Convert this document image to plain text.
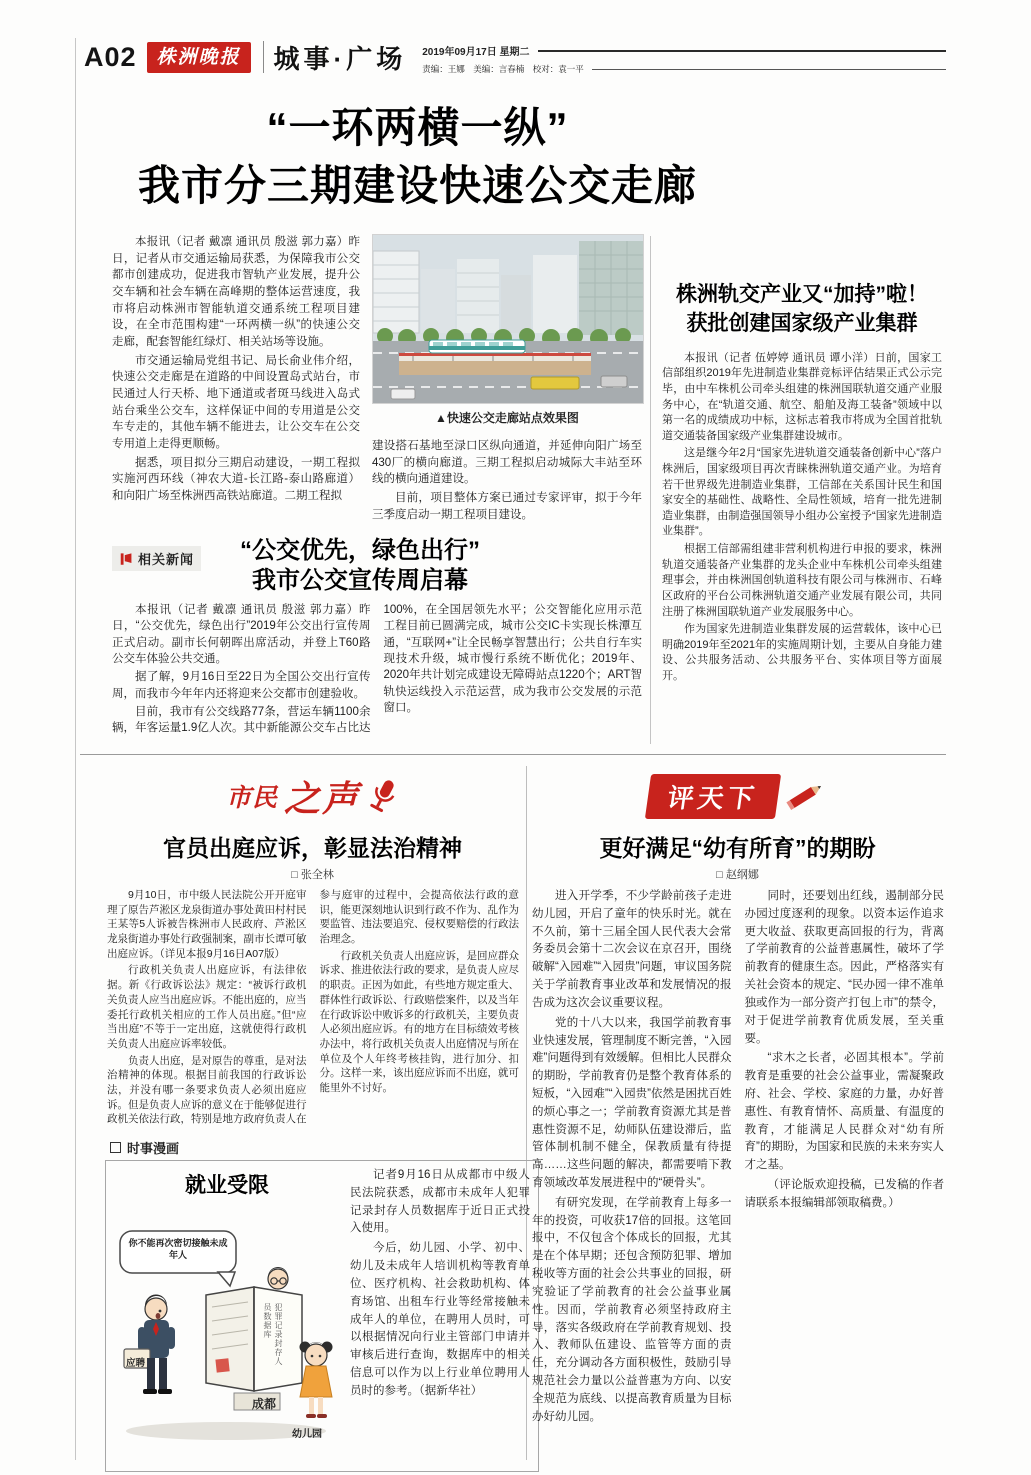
A02	株洲晚报	城事·广场 2019年09月17日 星期二
责编：王娜　美编：言春楠　校对：袁一平
“一环两横一纵”
我市分三期建设快速公交走廊

本报讯（记者 戴凛 通讯员 殷滋 郭力嘉）昨日，记者从市交通运输局获悉，为保障我市公交都市创建成功，促进我市智轨产业发展，提升公交车辆和社会车辆在高峰期的整体运营速度，我市将启动株洲市智能轨道交通系统工程项目建设，在全市范围构建“一环两横一纵”的快速公交走廊，配套智能红绿灯、相关站场等设施。

市交通运输局党组书记、局长俞业伟介绍，快速公交走廊是在道路的中间设置岛式站台，市民通过人行天桥、地下通道或者斑马线进入岛式站台乘坐公交车，这样保证中间的专用道是公交车专走的，其他车辆不能进去，让公交车在公交专用道上走得更顺畅。

据悉，项目拟分三期启动建设，一期工程拟实施河西环线（神农大道-长江路-泰山路廊道）和向阳广场至株洲西高铁站廊道。二期工程拟

▲快速公交走廊站点效果图

建设搭石基地至渌口区纵向通道，并延伸向阳广场至430厂的横向廊道。三期工程拟启动城际大丰站至环线的横向通道建设。

目前，项目整体方案已通过专家评审，拟于今年三季度启动一期工程项目建设。

株洲轨交产业又“加持”啦！
获批创建国家级产业集群

本报讯（记者 伍婷婷 通讯员 谭小洋）日前，国家工信部组织2019年先进制造业集群竞标评估结果正式公示完毕，由中车株机公司牵头组建的株洲国联轨道交通产业服务中心，在“轨道交通、航空、船舶及海工装备”领域中以第一名的成绩成功中标，这标志着我市将成为全国首批轨道交通装备国家级产业集群建设城市。

这是继今年2月“国家先进轨道交通装备创新中心”落户株洲后，国家级项目再次青睐株洲轨道交通产业。为培育若干世界级先进制造业集群，工信部在关系国计民生和国家安全的基础性、战略性、全局性领域，培育一批先进制造业集群，由制造强国领导小组办公室授予“国家先进制造业集群”。

根据工信部需组建非营利机构进行申报的要求，株洲轨道交通装备产业集群的龙头企业中车株机公司牵头组建理事会，并由株洲国创轨道科技有限公司与株洲市、石峰区政府的平台公司株洲轨道交通产业发展有限公司，共同注册了株洲国联轨道产业发展服务中心。

作为国家先进制造业集群发展的运营载体，该中心已明确2019年至2021年的实施周期计划，主要从自身能力建设、公共服务活动、公共服务平台、实体项目等方面展开。

相关新闻	“公交优先，绿色出行”
我市公交宣传周启幕

本报讯（记者 戴凛 通讯员 殷滋 郭力嘉）昨日，“公交优先，绿色出行”2019年公交出行宣传周正式启动。副市长何朝晖出席活动，并登上T60路公交车体验公共交通。

据了解，9月16日至22日为全国公交出行宣传周，而我市今年年内还将迎来公交都市创建验收。

目前，我市有公交线路77条，营运车辆1100余辆，年客运量1.9亿人次。其中新能源公交车占比达100%，在全国居领先水平；公交智能化应用示范工程目前已圆满完成，城市公交IC卡实现长株潭互通，“互联网+”让全民畅享智慧出行；公共自行车实现技术升级，城市慢行系统不断优化；2019年、2020年共计划完成建设无障碍站点1220个；ART智轨快运线投入示范运营，成为我市公交发展的示范窗口。

市民 之声
官员出庭应诉，彰显法治精神
□ 张全林

9月10日，市中级人民法院公开开庭审理了原告芦淞区龙泉街道办事处黄田村村民王某等5人诉被告株洲市人民政府、芦淞区龙泉街道办事处行政强制案，副市长谭可敏出庭应诉。（详见本报9月16日A07版）

行政机关负责人出庭应诉，有法律依据。新《行政诉讼法》规定：“被诉行政机关负责人应当出庭应诉。不能出庭的，应当委托行政机关相应的工作人员出庭。”但“应当出庭”不等于一定出庭，这就使得行政机关负责人出庭应诉率较低。

负责人出庭，是对原告的尊重，是对法治精神的体现。根据目前我国的行政诉讼法，并没有哪一条要求负责人必须出庭应诉。但是负责人应诉的意义在于能够促进行政机关依法行政，特别是地方政府负责人在参与庭审的过程中，会提高依法行政的意识，能更深刻地认识到行政不作为、乱作为要监管、违法要追究、侵权要赔偿的行政法治理念。

行政机关负责人出庭应诉，是回应群众诉求、推进依法行政的要求，是负责人应尽的职责。正因为如此，有些地方规定重大、群体性行政诉讼、行政赔偿案件，以及当年在行政诉讼中败诉多的行政机关，主要负责人必须出庭应诉。有的地方在目标绩效考核办法中，将行政机关负责人出庭情况与所在单位及个人年终考核挂钩，进行加分、扣分。这样一来，该出庭应诉而不出庭，就可能里外不讨好。

时事漫画
就业受限
你不能再次密切接触未成年人
应聘
成都
幼儿园
犯罪记录封存人员数据库

记者9月16日从成都市中级人民法院获悉，成都市未成年人犯罪记录封存人员数据库于近日正式投入使用。

今后，幼儿园、小学、初中、幼儿及未成年人培训机构等教育单位、医疗机构、社会救助机构、体育场馆、出租车行业等经常接触未成年人的单位，在聘用人员时，可以根据情况向行业主管部门申请并审核后进行查询，数据库中的相关信息可以作为以上行业单位聘用人员时的参考。（据新华社）

评天下
更好满足“幼有所育”的期盼
□ 赵纲娜

进入开学季，不少学龄前孩子走进幼儿园，开启了童年的快乐时光。就在不久前，第十三届全国人民代表大会常务委员会第十二次会议在京召开，围绕破解“入园难”“入园贵”问题，审议国务院关于学前教育事业改革和发展情况的报告成为这次会议重要议程。

党的十八大以来，我国学前教育事业快速发展，管理制度不断完善，“入园难”问题得到有效缓解。但相比人民群众的期盼，学前教育仍是整个教育体系的短板，“入园难”“入园贵”依然是困扰百姓的烦心事之一；学前教育资源尤其是普惠性资源不足，幼师队伍建设滞后，监管体制机制不健全，保教质量有待提高……这些问题的解决，都需要啃下教育领域改革发展进程中的“硬骨头”。

有研究发现，在学前教育上每多一年的投资，可收获17倍的回报。这笔回报中，不仅包含个体成长的回报，尤其是在个体早期；还包含预防犯罪、增加税收等方面的社会公共事业的回报，研究验证了学前教育的社会公益事业属性。因而，学前教育必须坚持政府主导，落实各级政府在学前教育规划、投入、教师队伍建设、监管等方面的责任，充分调动各方面积极性，鼓励引导规范社会力量以公益普惠为方向、以安全规范为底线、以提高教育质量为目标办好幼儿园。

同时，还要划出红线，遏制部分民办园过度逐利的现象。以资本运作追求更大收益、获取更高回报的行为，背离了学前教育的公益普惠属性，破坏了学前教育的健康生态。因此，严格落实有关社会资本的规定、“民办园一律不准单独或作为一部分资产打包上市”的禁令，对于促进学前教育优质发展，至关重要。

“求木之长者，必固其根本”。学前教育是重要的社会公益事业，需凝聚政府、社会、学校、家庭的力量，办好普惠性、有教育情怀、高质量、有温度的教育，才能满足人民群众对“幼有所育”的期盼，为国家和民族的未来夯实人才之基。

（评论版欢迎投稿，已发稿的作者请联系本报编辑部领取稿费。）
